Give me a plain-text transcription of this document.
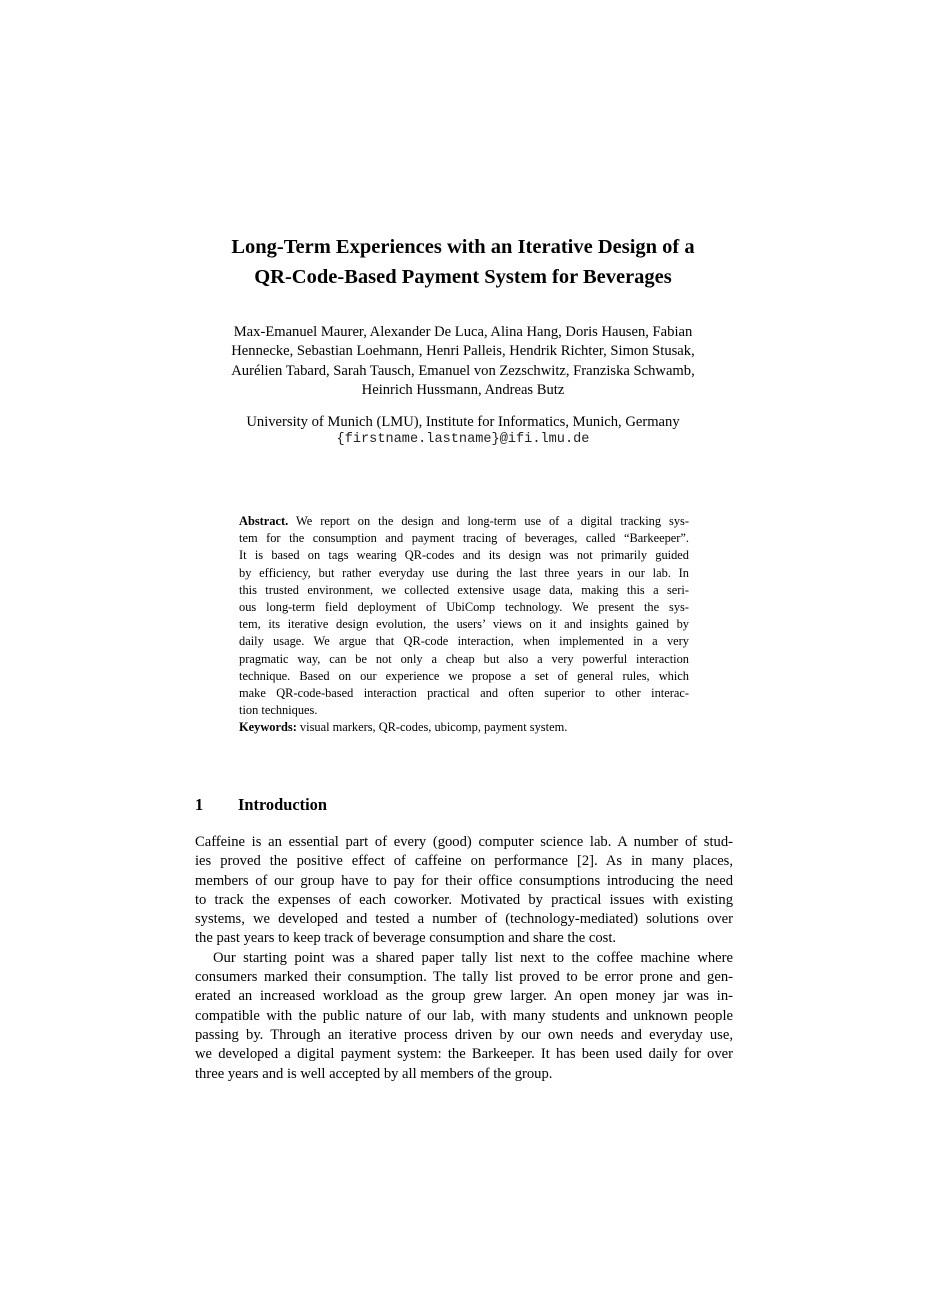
Long-Term Experiences with an Iterative Design of a
QR-Code-Based Payment System for Beverages
Max-Emanuel Maurer, Alexander De Luca, Alina Hang, Doris Hausen, Fabian
Hennecke, Sebastian Loehmann, Henri Palleis, Hendrik Richter, Simon Stusak,
Aurélien Tabard, Sarah Tausch, Emanuel von Zezschwitz, Franziska Schwamb,
Heinrich Hussmann, Andreas Butz
University of Munich (LMU), Institute for Informatics, Munich, Germany
{firstname.lastname}@ifi.lmu.de
Abstract. We report on the design and long-term use of a digital tracking sys-
tem for the consumption and payment tracing of beverages, called “Barkeeper”.
It is based on tags wearing QR-codes and its design was not primarily guided
by efficiency, but rather everyday use during the last three years in our lab. In
this trusted environment, we collected extensive usage data, making this a seri-
ous long-term field deployment of UbiComp technology. We present the sys-
tem, its iterative design evolution, the users’ views on it and insights gained by
daily usage. We argue that QR-code interaction, when implemented in a very
pragmatic way, can be not only a cheap but also a very powerful interaction
technique. Based on our experience we propose a set of general rules, which
make QR-code-based interaction practical and often superior to other interac-
tion techniques.
Keywords: visual markers, QR-codes, ubicomp, payment system.
1 Introduction
Caffeine is an essential part of every (good) computer science lab. A number of stud-
ies proved the positive effect of caffeine on performance [2]. As in many places,
members of our group have to pay for their office consumptions introducing the need
to track the expenses of each coworker. Motivated by practical issues with existing
systems, we developed and tested a number of (technology-mediated) solutions over
the past years to keep track of beverage consumption and share the cost.
Our starting point was a shared paper tally list next to the coffee machine where
consumers marked their consumption. The tally list proved to be error prone and gen-
erated an increased workload as the group grew larger. An open money jar was in-
compatible with the public nature of our lab, with many students and unknown people
passing by. Through an iterative process driven by our own needs and everyday use,
we developed a digital payment system: the Barkeeper. It has been used daily for over
three years and is well accepted by all members of the group.
